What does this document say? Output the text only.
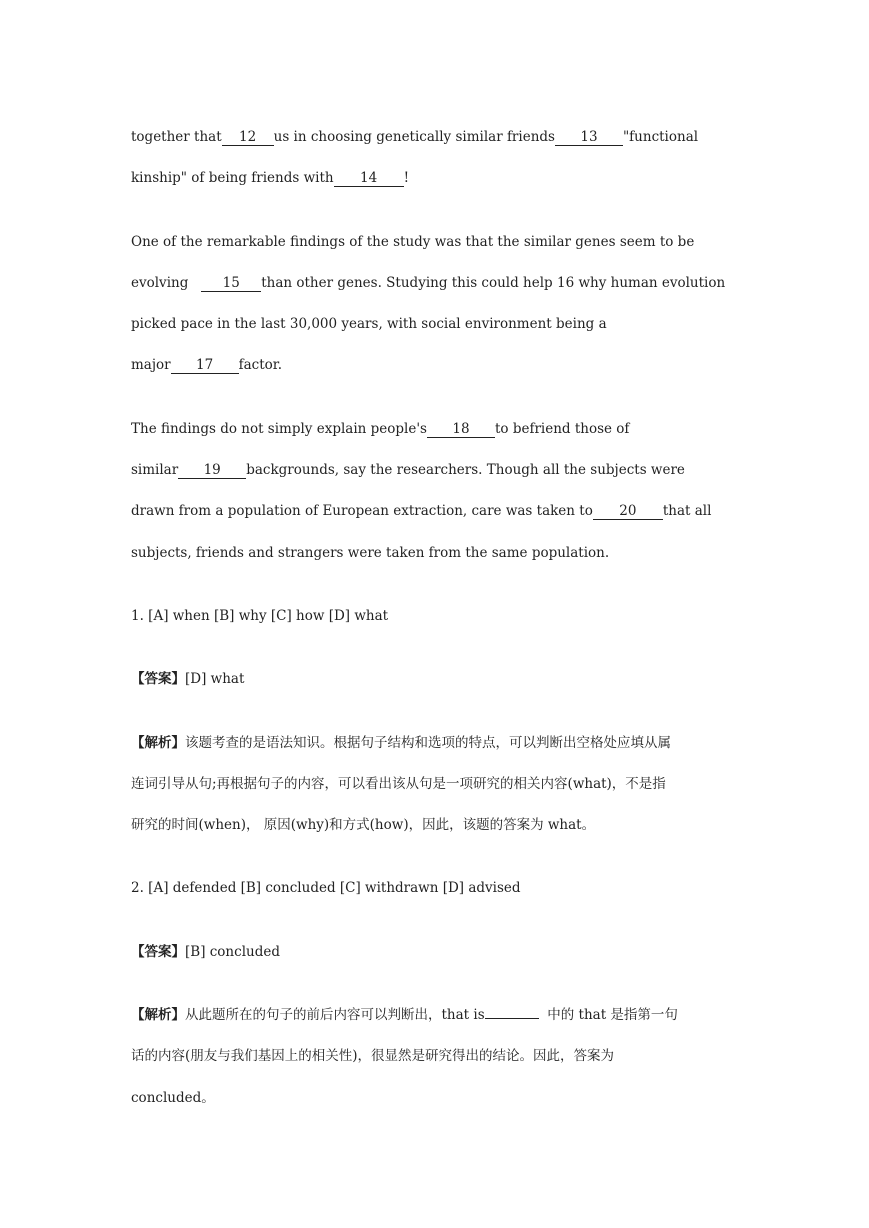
together that 12 us in choosing genetically similar friends 13 "functional
kinship" of being friends with 14 !
One of the remarkable findings of the study was that the similar genes seem to be
evolving	15 than other genes. Studying this could help 16 why human evolution
picked pace in the last 30,000 years, with social environment being a
major 17 factor.
The findings do not simply explain people's 18 to befriend those of
similar 19 backgrounds, say the researchers. Though all the subjects were
drawn from a population of European extraction, care was taken to 20 that all
subjects, friends and strangers were taken from the same population.
1. [A] when [B] why [C] how [D] what
【答案】[D] what
【解析】该题考查的是语法知识。根据句子结构和选项的特点，可以判断出空格处应填从属
连词引导从句;再根据句子的内容，可以看出该从句是一项研究的相关内容(what)，不是指
研究的时间(when)， 原因(why)和方式(how)，因此，该题的答案为 what。
2. [A] defended [B] concluded [C] withdrawn [D] advised
【答案】[B] concluded
【解析】从此题所在的句子的前后内容可以判断出，that is	中的 that 是指第一句
话的内容(朋友与我们基因上的相关性)，很显然是研究得出的结论。因此，答案为
concluded。
